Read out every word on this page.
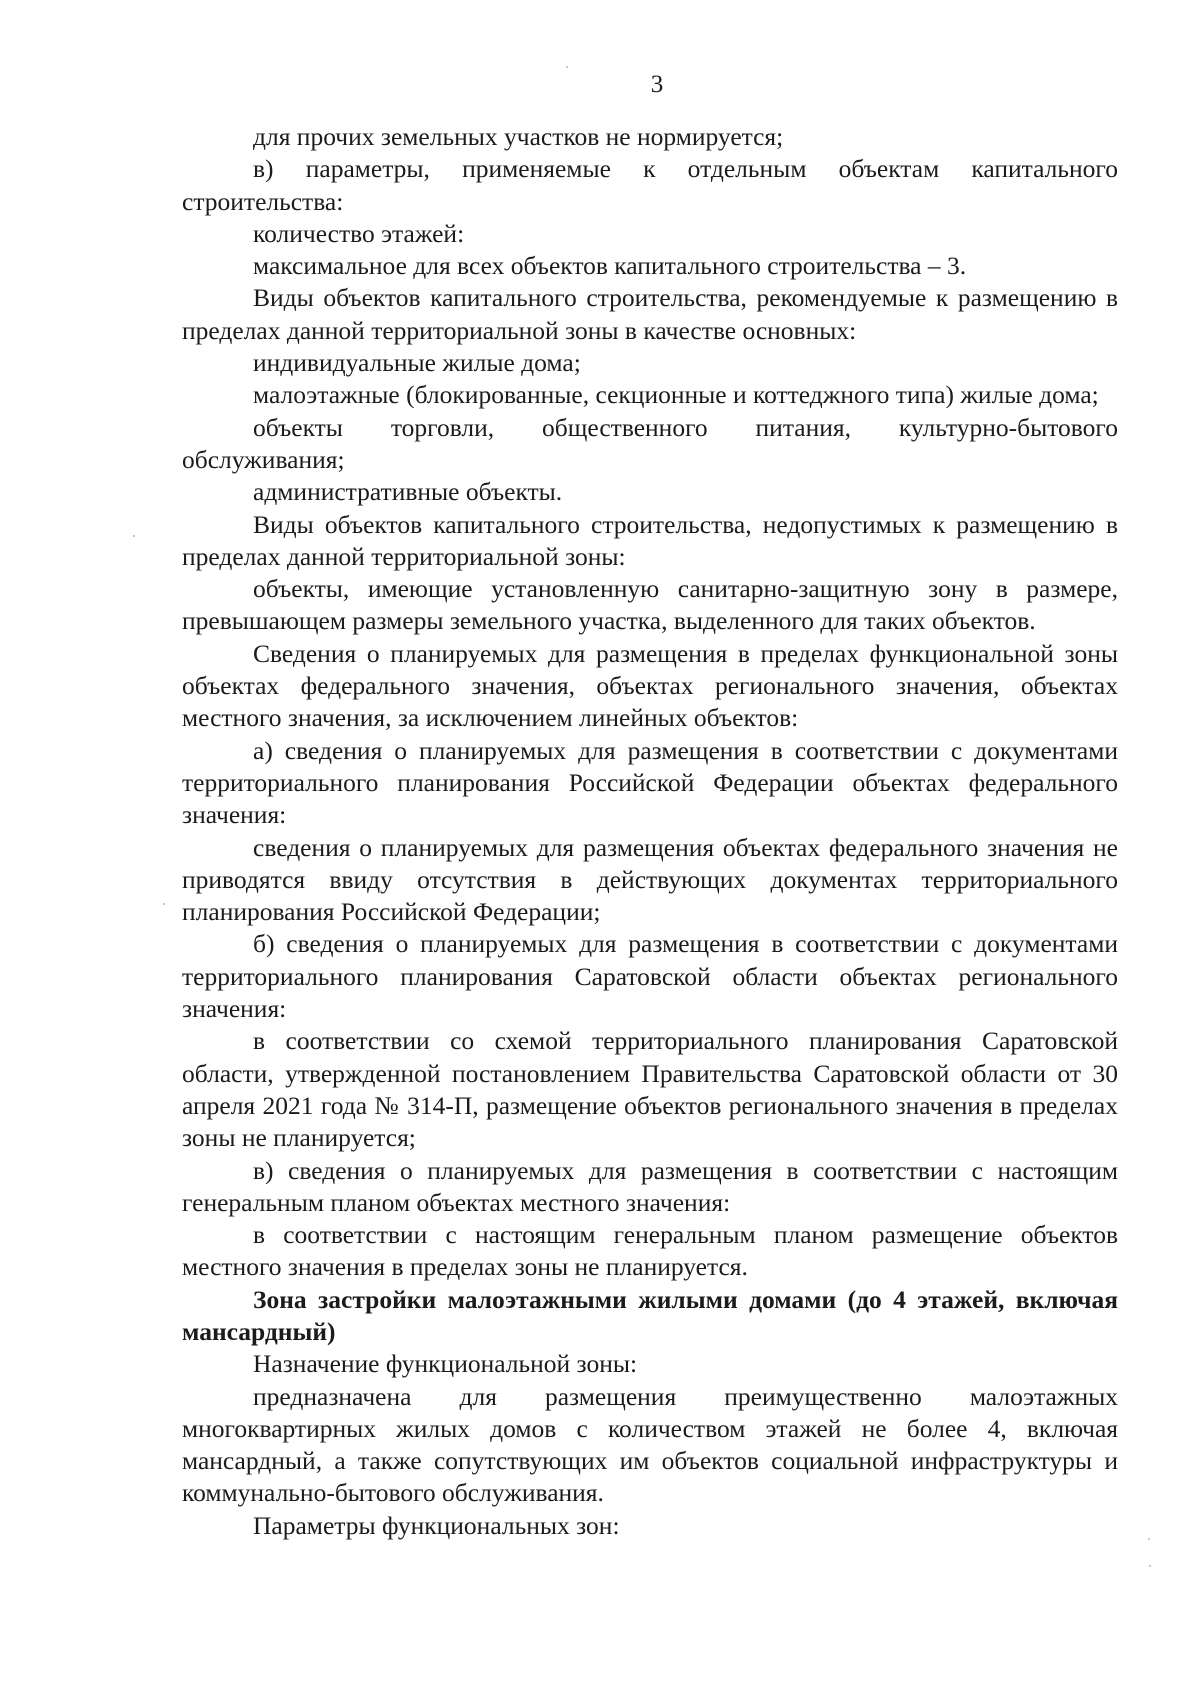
3

для прочих земельных участков не нормируется;

в) параметры, применяемые к отдельным объектам капитального строительства:

количество этажей:

максимальное для всех объектов капитального строительства – 3.

Виды объектов капитального строительства, рекомендуемые к размещению в пределах данной территориальной зоны в качестве основных:

индивидуальные жилые дома;

малоэтажные (блокированные, секционные и коттеджного типа) жилые дома;

объекты торговли, общественного питания, культурно-бытового обслуживания;

административные объекты.

Виды объектов капитального строительства, недопустимых к размещению в пределах данной территориальной зоны:

объекты, имеющие установленную санитарно-защитную зону в размере, превышающем размеры земельного участка, выделенного для таких объектов.

Сведения о планируемых для размещения в пределах функциональной зоны объектах федерального значения, объектах регионального значения, объектах местного значения, за исключением линейных объектов:

а) сведения о планируемых для размещения в соответствии с документами территориального планирования Российской Федерации объектах федерального значения:

сведения о планируемых для размещения объектах федерального значения не приводятся ввиду отсутствия в действующих документах территориального планирования Российской Федерации;

б) сведения о планируемых для размещения в соответствии с документами территориального планирования Саратовской области объектах регионального значения:

в соответствии со схемой территориального планирования Саратовской области, утвержденной постановлением Правительства Саратовской области от 30 апреля 2021 года № 314-П, размещение объектов регионального значения в пределах зоны не планируется;

в) сведения о планируемых для размещения в соответствии с настоящим генеральным планом объектах местного значения:

в соответствии с настоящим генеральным планом размещение объектов местного значения в пределах зоны не планируется.

Зона застройки малоэтажными жилыми домами (до 4 этажей, включая мансардный)

Назначение функциональной зоны:

предназначена для размещения преимущественно малоэтажных многоквартирных жилых домов с количеством этажей не более 4, включая мансардный, а также сопутствующих им объектов социальной инфраструктуры и коммунально-бытового обслуживания.

Параметры функциональных зон:
